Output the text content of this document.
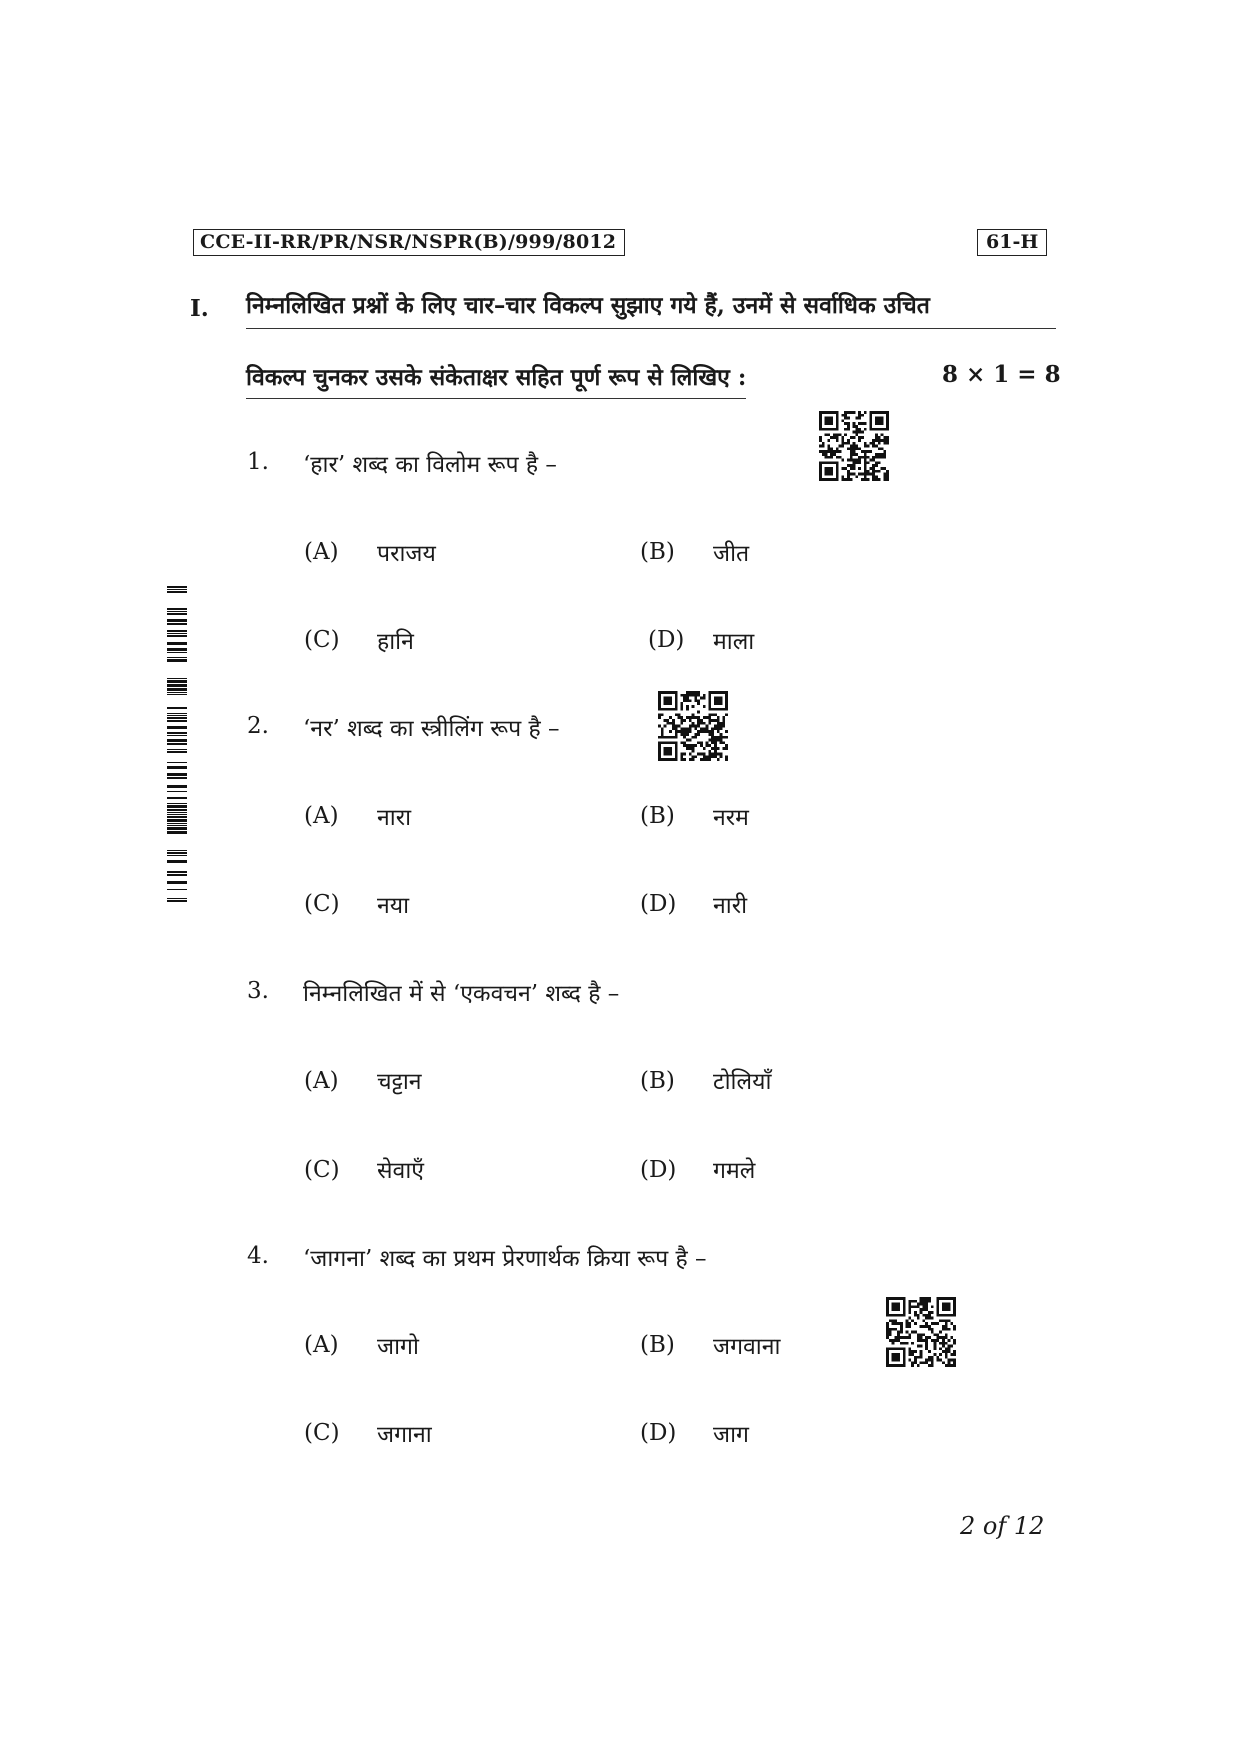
CCE-II-RR/PR/NSR/NSPR(B)/999/8012	61-H
I. निम्नलिखित प्रश्नों के लिए चार–चार विकल्प सुझाए गये हैं, उनमें से सर्वाधिक उचित
विकल्प चुनकर उसके संकेताक्षर सहित पूर्ण रूप से लिखिए :	8 × 1 = 8
1. ‘हार’ शब्द का विलोम रूप है –
(A) पराजय	(B) जीत
(C) हानि	(D) माला
2. ‘नर’ शब्द का स्त्रीलिंग रूप है –
(A) नारा	(B) नरम
(C) नया	(D) नारी
3. निम्नलिखित में से ‘एकवचन’ शब्द है –
(A) चट्टान	(B) टोलियाँ
(C) सेवाएँ	(D) गमले
4. ‘जागना’ शब्द का प्रथम प्रेरणार्थक क्रिया रूप है –
(A) जागो	(B) जगवाना
(C) जगाना	(D) जाग
2 of 12
